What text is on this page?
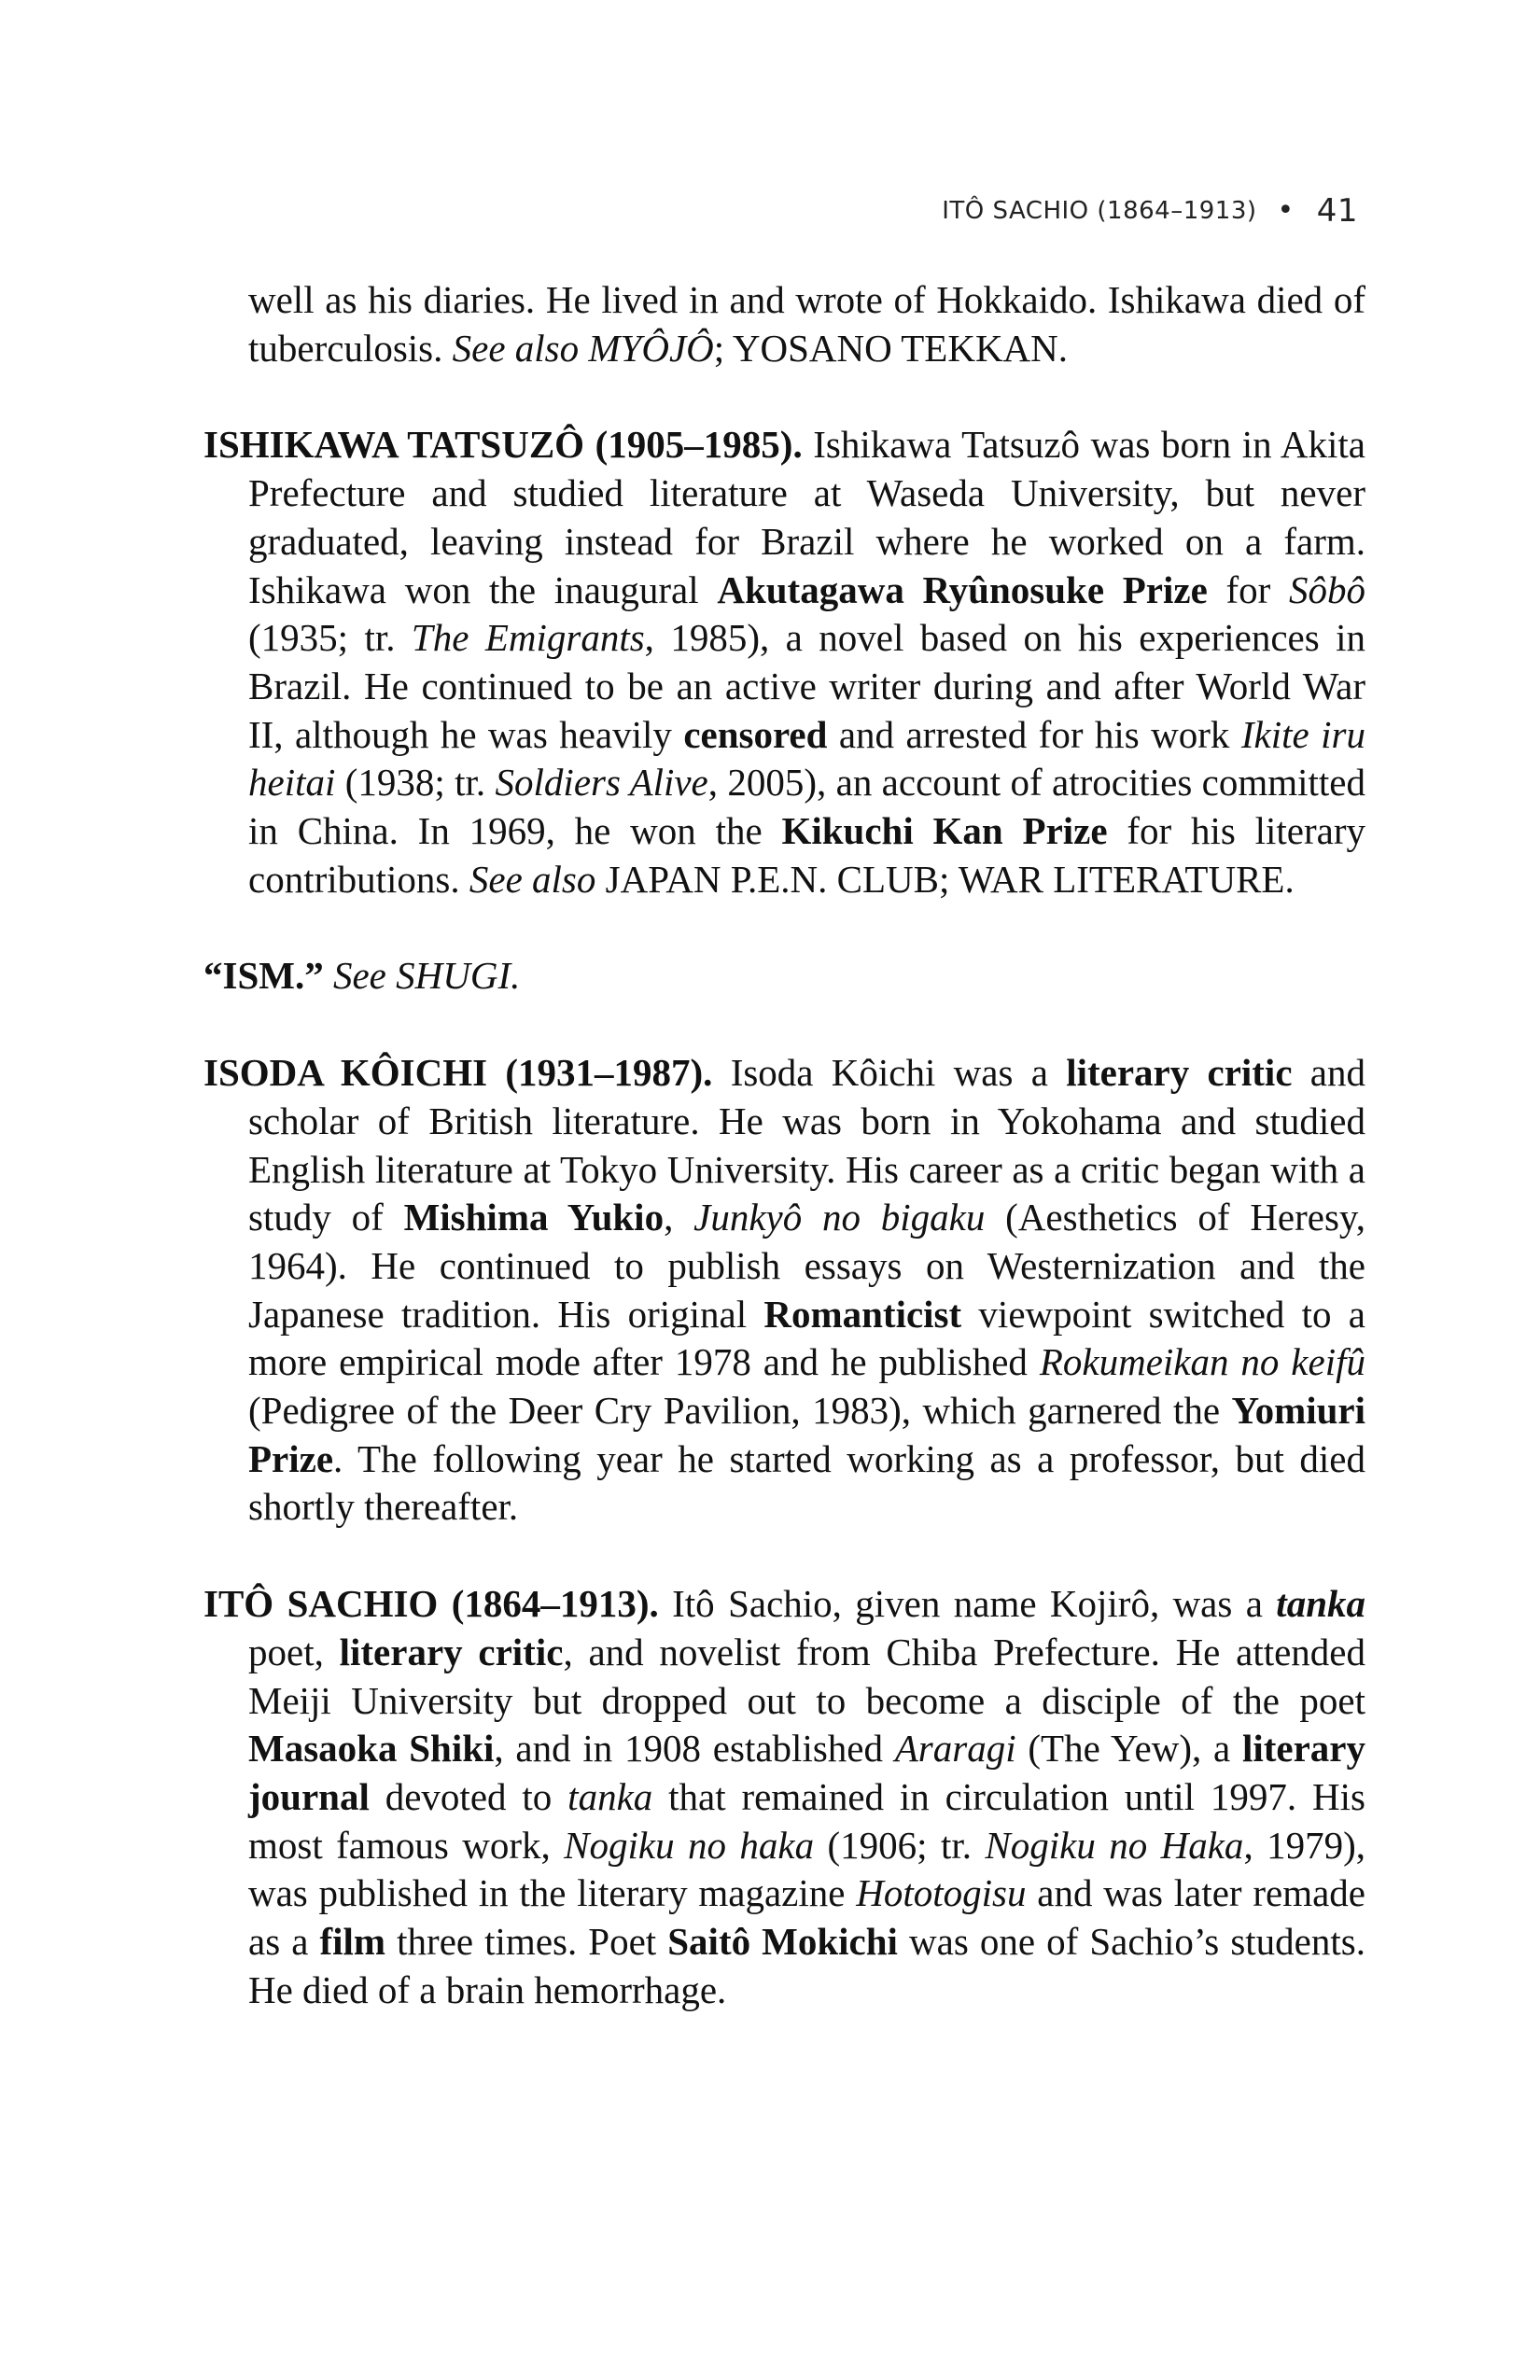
ITÔ SACHIO (1864–1913) • 41

well as his diaries. He lived in and wrote of Hokkaido. Ishikawa died of tuberculosis. See also MYÔJÔ; YOSANO TEKKAN.

ISHIKAWA TATSUZÔ (1905–1985). Ishikawa Tatsuzô was born in Akita Prefecture and studied literature at Waseda University, but never graduated, leaving instead for Brazil where he worked on a farm. Ishikawa won the inaugural Akutagawa Ryûnosuke Prize for Sôbô (1935; tr. The Emigrants, 1985), a novel based on his experiences in Brazil. He continued to be an active writer during and after World War II, although he was heavily censored and arrested for his work Ikite iru heitai (1938; tr. Soldiers Alive, 2005), an account of atrocities committed in China. In 1969, he won the Kikuchi Kan Prize for his literary contributions. See also JAPAN P.E.N. CLUB; WAR LITERATURE.

“ISM.” See SHUGI.

ISODA KÔICHI (1931–1987). Isoda Kôichi was a literary critic and scholar of British literature. He was born in Yokohama and studied English literature at Tokyo University. His career as a critic began with a study of Mishima Yukio, Junkyô no bigaku (Aesthetics of Heresy, 1964). He continued to publish essays on Westernization and the Japanese tradition. His original Romanticist viewpoint switched to a more empirical mode after 1978 and he published Rokumeikan no keifû (Pedigree of the Deer Cry Pavilion, 1983), which garnered the Yomiuri Prize. The following year he started working as a professor, but died shortly thereafter.

ITÔ SACHIO (1864–1913). Itô Sachio, given name Kojirô, was a tanka poet, literary critic, and novelist from Chiba Prefecture. He attended Meiji University but dropped out to become a disciple of the poet Masaoka Shiki, and in 1908 established Araragi (The Yew), a literary journal devoted to tanka that remained in circulation until 1997. His most famous work, Nogiku no haka (1906; tr. Nogiku no Haka, 1979), was published in the literary magazine Hototogisu and was later remade as a film three times. Poet Saitô Mokichi was one of Sachio’s students. He died of a brain hemorrhage.
